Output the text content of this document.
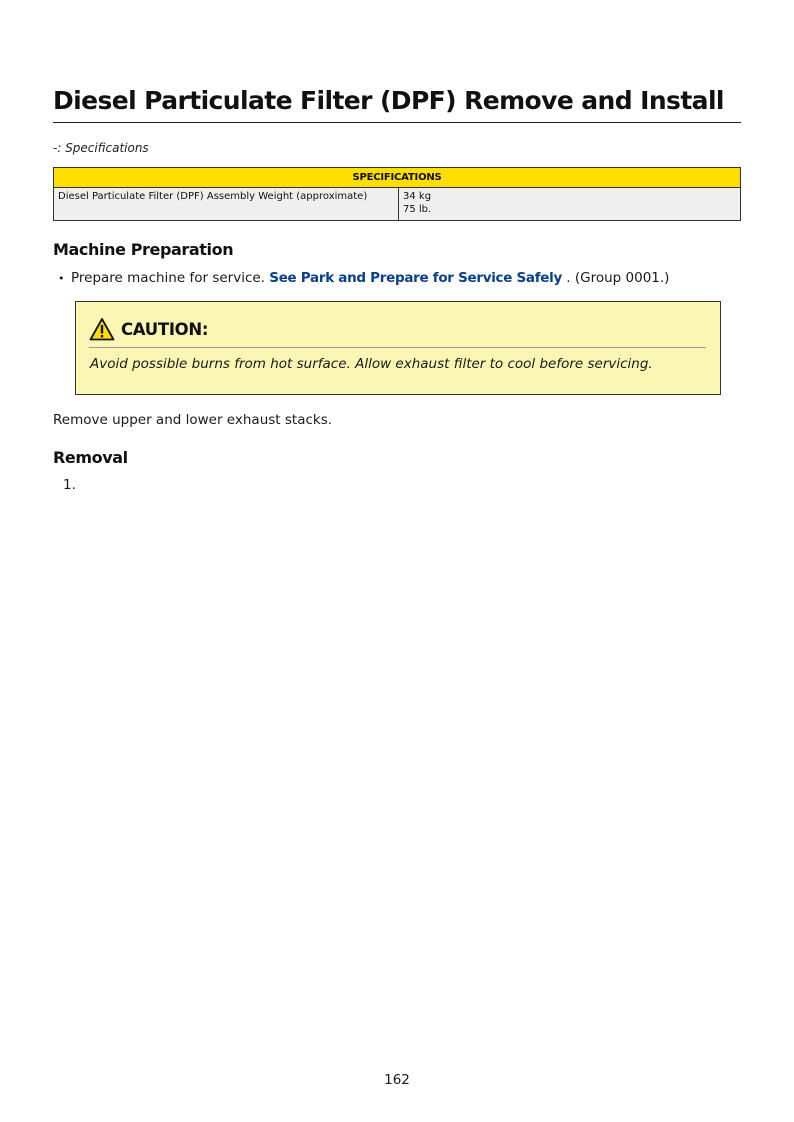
Diesel Particulate Filter (DPF) Remove and Install
-: Specifications
SPECIFICATIONS
Diesel Particulate Filter (DPF) Assembly Weight (approximate)	34 kg
75 lb.
Machine Preparation
• Prepare machine for service. See Park and Prepare for Service Safely . (Group 0001.)
CAUTION:
Avoid possible burns from hot surface. Allow exhaust filter to cool before servicing.
Remove upper and lower exhaust stacks.
Removal
1.
162
